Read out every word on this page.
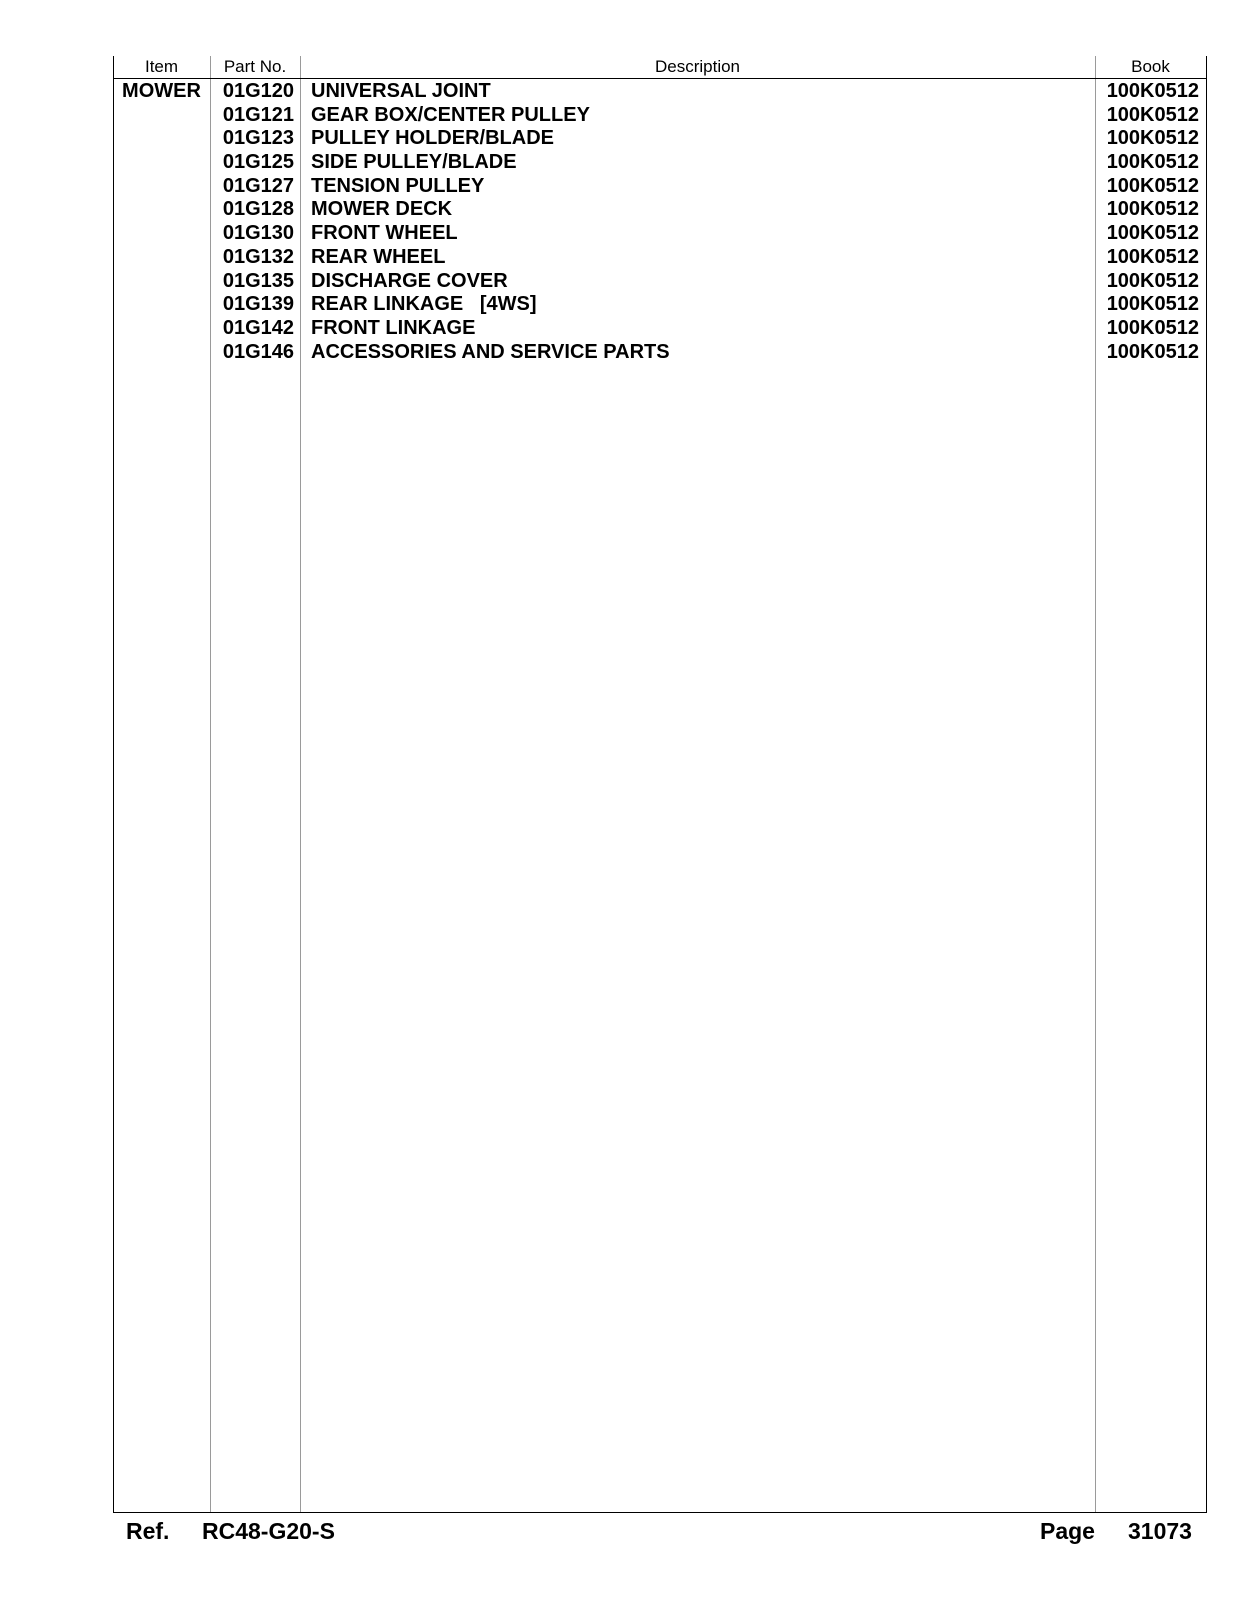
Item	Part No.	Description	Book
MOWER	01G120 UNIVERSAL JOINT	100K0512
01G121 GEAR BOX/CENTER PULLEY	100K0512
01G123 PULLEY HOLDER/BLADE	100K0512
01G125 SIDE PULLEY/BLADE	100K0512
01G127 TENSION PULLEY	100K0512
01G128 MOWER DECK	100K0512
01G130 FRONT WHEEL	100K0512
01G132 REAR WHEEL	100K0512
01G135 DISCHARGE COVER	100K0512
01G139 REAR LINKAGE   [4WS]	100K0512
01G142 FRONT LINKAGE	100K0512
01G146 ACCESSORIES AND SERVICE PARTS	100K0512
Ref. RC48-G20-S	Page 31073
